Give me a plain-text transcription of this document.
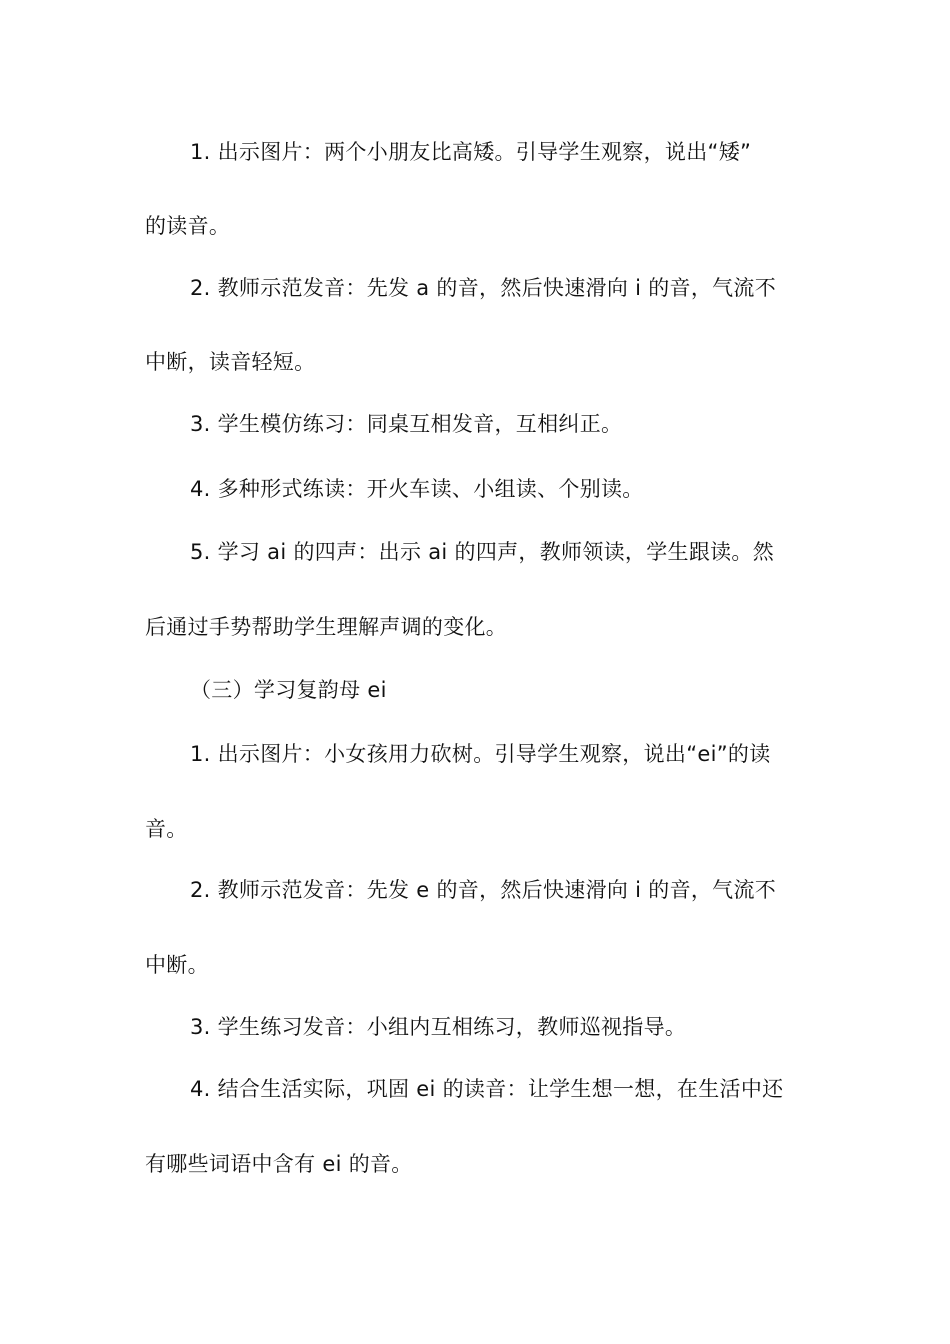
1. 出示图片：两个小朋友比高矮。引导学生观察，说出“矮”
的读音。
2. 教师示范发音：先发 a 的音，然后快速滑向 i 的音，气流不
中断，读音轻短。
3. 学生模仿练习：同桌互相发音，互相纠正。
4. 多种形式练读：开火车读、小组读、个别读。
5. 学习 ai 的四声：出示 ai 的四声，教师领读，学生跟读。然
后通过手势帮助学生理解声调的变化。
（三）学习复韵母 ei
1. 出示图片：小女孩用力砍树。引导学生观察，说出“ei”的读
音。
2. 教师示范发音：先发 e 的音，然后快速滑向 i 的音，气流不
中断。
3. 学生练习发音：小组内互相练习，教师巡视指导。
4. 结合生活实际，巩固 ei 的读音：让学生想一想，在生活中还
有哪些词语中含有 ei 的音。
